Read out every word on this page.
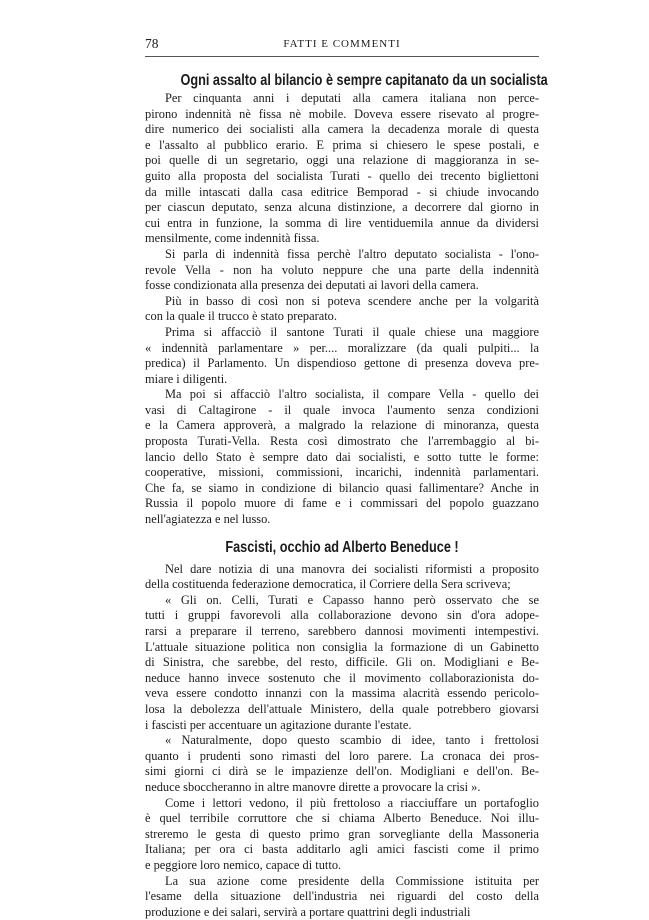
78	FATTI E COMMENTI
Ogni assalto al bilancio è sempre capitanato da un socialista
Per cinquanta anni i deputati alla camera italiana non perce-
pirono indennità nè fissa nè mobile. Doveva essere risevato al progre-
dire numerico dei socialisti alla camera la decadenza morale di questa
e l'assalto al pubblico erario. E prima si chiesero le spese postali, e
poi quelle di un segretario, oggi una relazione di maggioranza in se-
guito alla proposta del socialista Turati - quello dei trecento bigliettoni
da mille intascati dalla casa editrice Bemporad - si chiude invocando
per ciascun deputato, senza alcuna distinzione, a decorrere dal giorno in
cui entra in funzione, la somma di lire ventiduemila annue da dividersi
mensilmente, come indennità fissa.
Si parla di indennità fissa perchè l'altro deputato socialista - l'ono-
revole Vella - non ha voluto neppure che una parte della indennità
fosse condizionata alla presenza dei deputati ai lavori della camera.
Più in basso di così non si poteva scendere anche per la volgarità
con la quale il trucco è stato preparato.
Prima si affacciò il santone Turati il quale chiese una maggiore
« indennità parlamentare » per.... moralizzare (da quali pulpiti... la
predica) il Parlamento. Un dispendioso gettone di presenza doveva pre-
miare i diligenti.
Ma poi si affacciò l'altro socialista, il compare Vella - quello dei
vasi di Caltagirone - il quale invoca l'aumento senza condizioni
e la Camera approverà, a malgrado la relazione di minoranza, questa
proposta Turati-Vella. Resta così dimostrato che l'arrembaggio al bi-
lancio dello Stato è sempre dato dai socialisti, e sotto tutte le forme:
cooperative, missioni, commissioni, incarichi, indennità parlamentari.
Che fa, se siamo in condizione di bilancio quasi fallimentare? Anche in
Russia il popolo muore di fame e i commissari del popolo guazzano
nell'agiatezza e nel lusso.
Fascisti, occhio ad Alberto Beneduce !
Nel dare notizia di una manovra dei socialisti riformisti a proposito
della costituenda federazione democratica, il Corriere della Sera scriveva;
« Gli on. Celli, Turati e Capasso hanno però osservato che se
tutti i gruppi favorevoli alla collaborazione devono sin d'ora adope-
rarsi a preparare il terreno, sarebbero dannosi movimenti intempestivi.
L'attuale situazione politica non consiglia la formazione di un Gabinetto
di Sinistra, che sarebbe, del resto, difficile. Gli on. Modigliani e Be-
neduce hanno invece sostenuto che il movimento collaborazionista do-
veva essere condotto innanzi con la massima alacrità essendo pericolo-
losa la debolezza dell'attuale Ministero, della quale potrebbero giovarsi
i fascisti per accentuare un agitazione durante l'estate.
« Naturalmente, dopo questo scambio di idee, tanto i frettolosi
quanto i prudenti sono rimasti del loro parere. La cronaca dei pros-
simi giorni ci dirà se le impazienze dell'on. Modigliani e dell'on. Be-
neduce sboccheranno in altre manovre dirette a provocare la crisi ».
Come i lettori vedono, il più frettoloso a riacciuffare un portafoglio
è quel terribile corruttore che si chiama Alberto Beneduce. Noi illu-
streremo le gesta di questo primo gran sorvegliante della Massoneria
Italiana; per ora ci basta additarlo agli amici fascisti come il primo
e peggiore loro nemico, capace di tutto.
La sua azione come presidente della Commissione istituita per
l'esame della situazione dell'industria nei riguardi del costo della
produzione e dei salari, servirà a portare quattrini degli industriali
